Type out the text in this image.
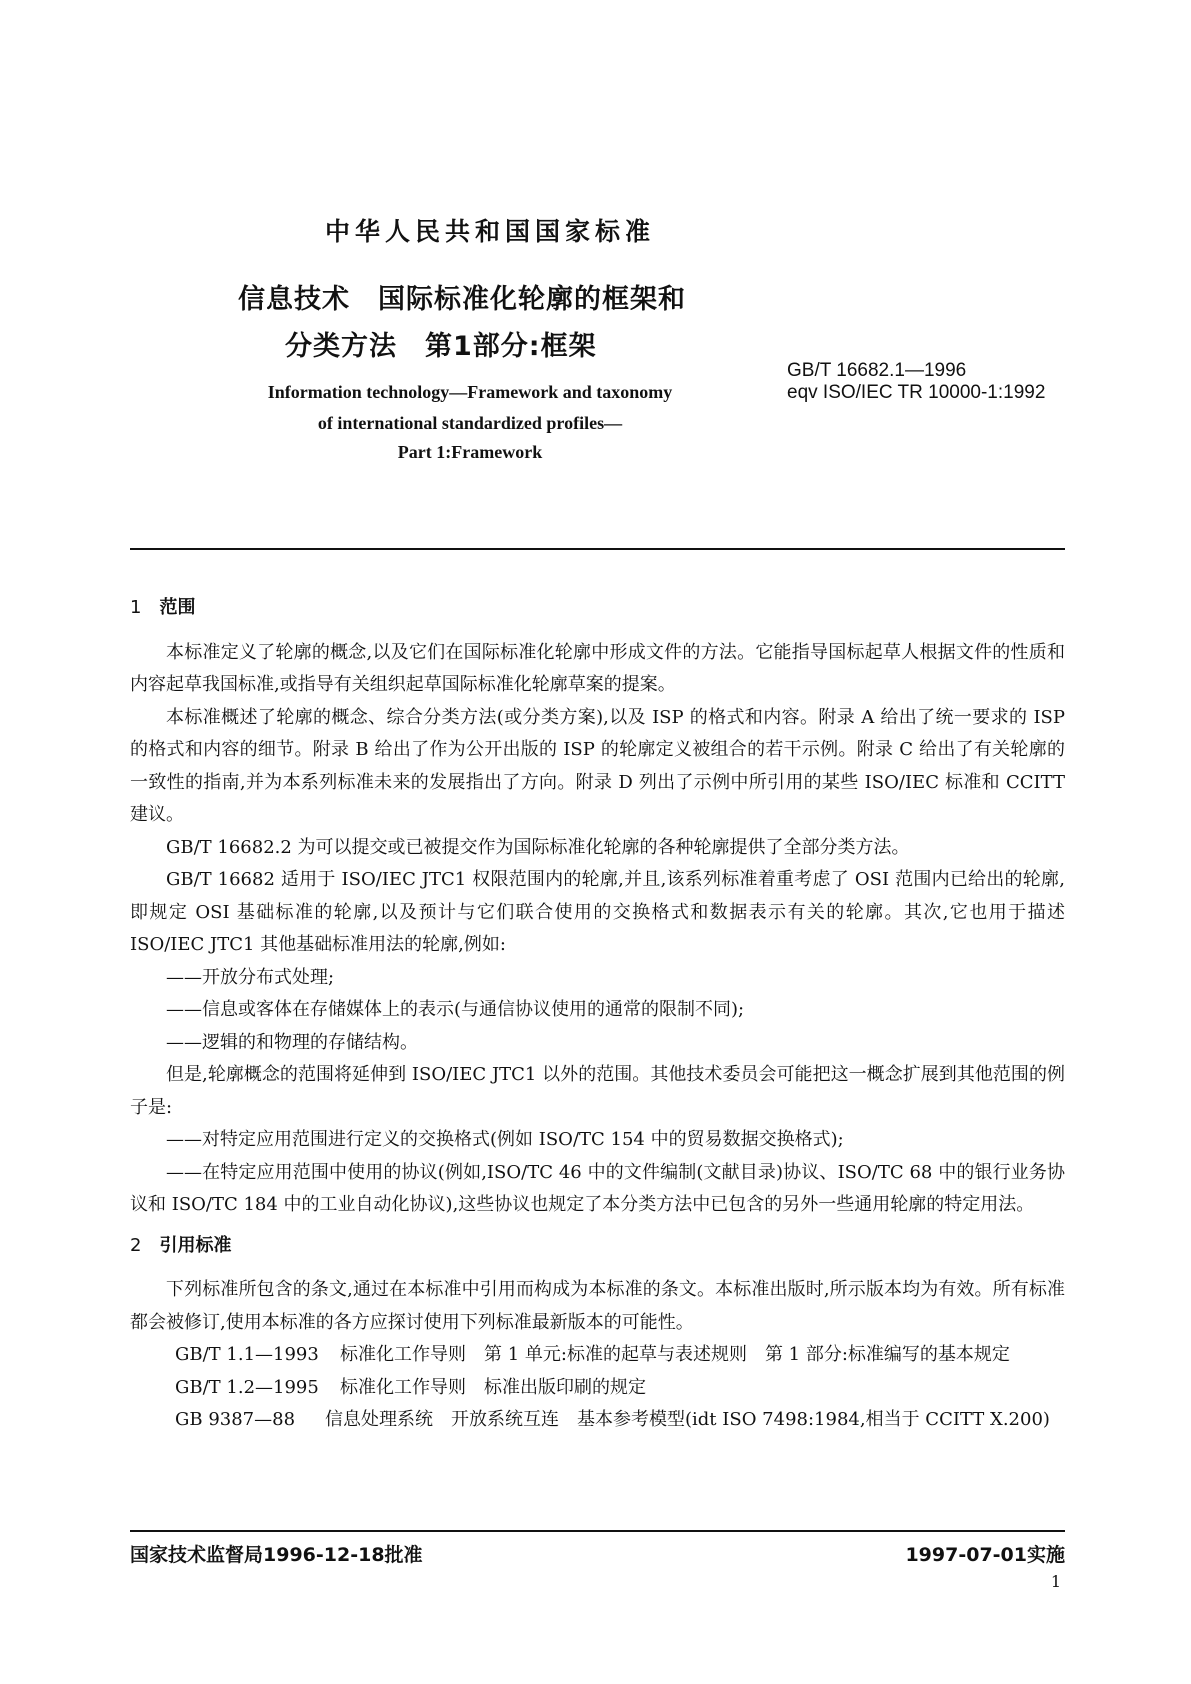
中华人民共和国国家标准
信息技术　国际标准化轮廓的框架和
分类方法　第1部分:框架
GB/T 16682.1—1996
eqv ISO/IEC TR 10000-1:1992
Information technology—Framework and taxonomy
of international standardized profiles—
Part 1:Framework
1 范围

本标准定义了轮廓的概念,以及它们在国际标准化轮廓中形成文件的方法。它能指导国标起草人根据文件的性质和内容起草我国标准,或指导有关组织起草国际标准化轮廓草案的提案。

本标准概述了轮廓的概念、综合分类方法(或分类方案),以及 ISP 的格式和内容。附录 A 给出了统一要求的 ISP 的格式和内容的细节。附录 B 给出了作为公开出版的 ISP 的轮廓定义被组合的若干示例。附录 C 给出了有关轮廓的一致性的指南,并为本系列标准未来的发展指出了方向。附录 D 列出了示例中所引用的某些 ISO/IEC 标准和 CCITT 建议。

GB/T 16682.2 为可以提交或已被提交作为国际标准化轮廓的各种轮廓提供了全部分类方法。

GB/T 16682 适用于 ISO/IEC JTC1 权限范围内的轮廓,并且,该系列标准着重考虑了 OSI 范围内已给出的轮廓,即规定 OSI 基础标准的轮廓,以及预计与它们联合使用的交换格式和数据表示有关的轮廓。其次,它也用于描述 ISO/IEC JTC1 其他基础标准用法的轮廓,例如:

——开放分布式处理;

——信息或客体在存储媒体上的表示(与通信协议使用的通常的限制不同);

——逻辑的和物理的存储结构。

但是,轮廓概念的范围将延伸到 ISO/IEC JTC1 以外的范围。其他技术委员会可能把这一概念扩展到其他范围的例子是:

——对特定应用范围进行定义的交换格式(例如 ISO/TC 154 中的贸易数据交换格式);

——在特定应用范围中使用的协议(例如,ISO/TC 46 中的文件编制(文献目录)协议、ISO/TC 68 中的银行业务协议和 ISO/TC 184 中的工业自动化协议),这些协议也规定了本分类方法中已包含的另外一些通用轮廓的特定用法。

2 引用标准

下列标准所包含的条文,通过在本标准中引用而构成为本标准的条文。本标准出版时,所示版本均为有效。所有标准都会被修订,使用本标准的各方应探讨使用下列标准最新版本的可能性。

GB/T 1.1—1993 标准化工作导则　第 1 单元:标准的起草与表述规则　第 1 部分:标准编写的基本规定

GB/T 1.2—1995 标准化工作导则　标准出版印刷的规定

GB 9387—88 信息处理系统　开放系统互连　基本参考模型(idt ISO 7498:1984,相当于 CCITT X.200)

国家技术监督局1996-12-18批准	1997-07-01实施
1
